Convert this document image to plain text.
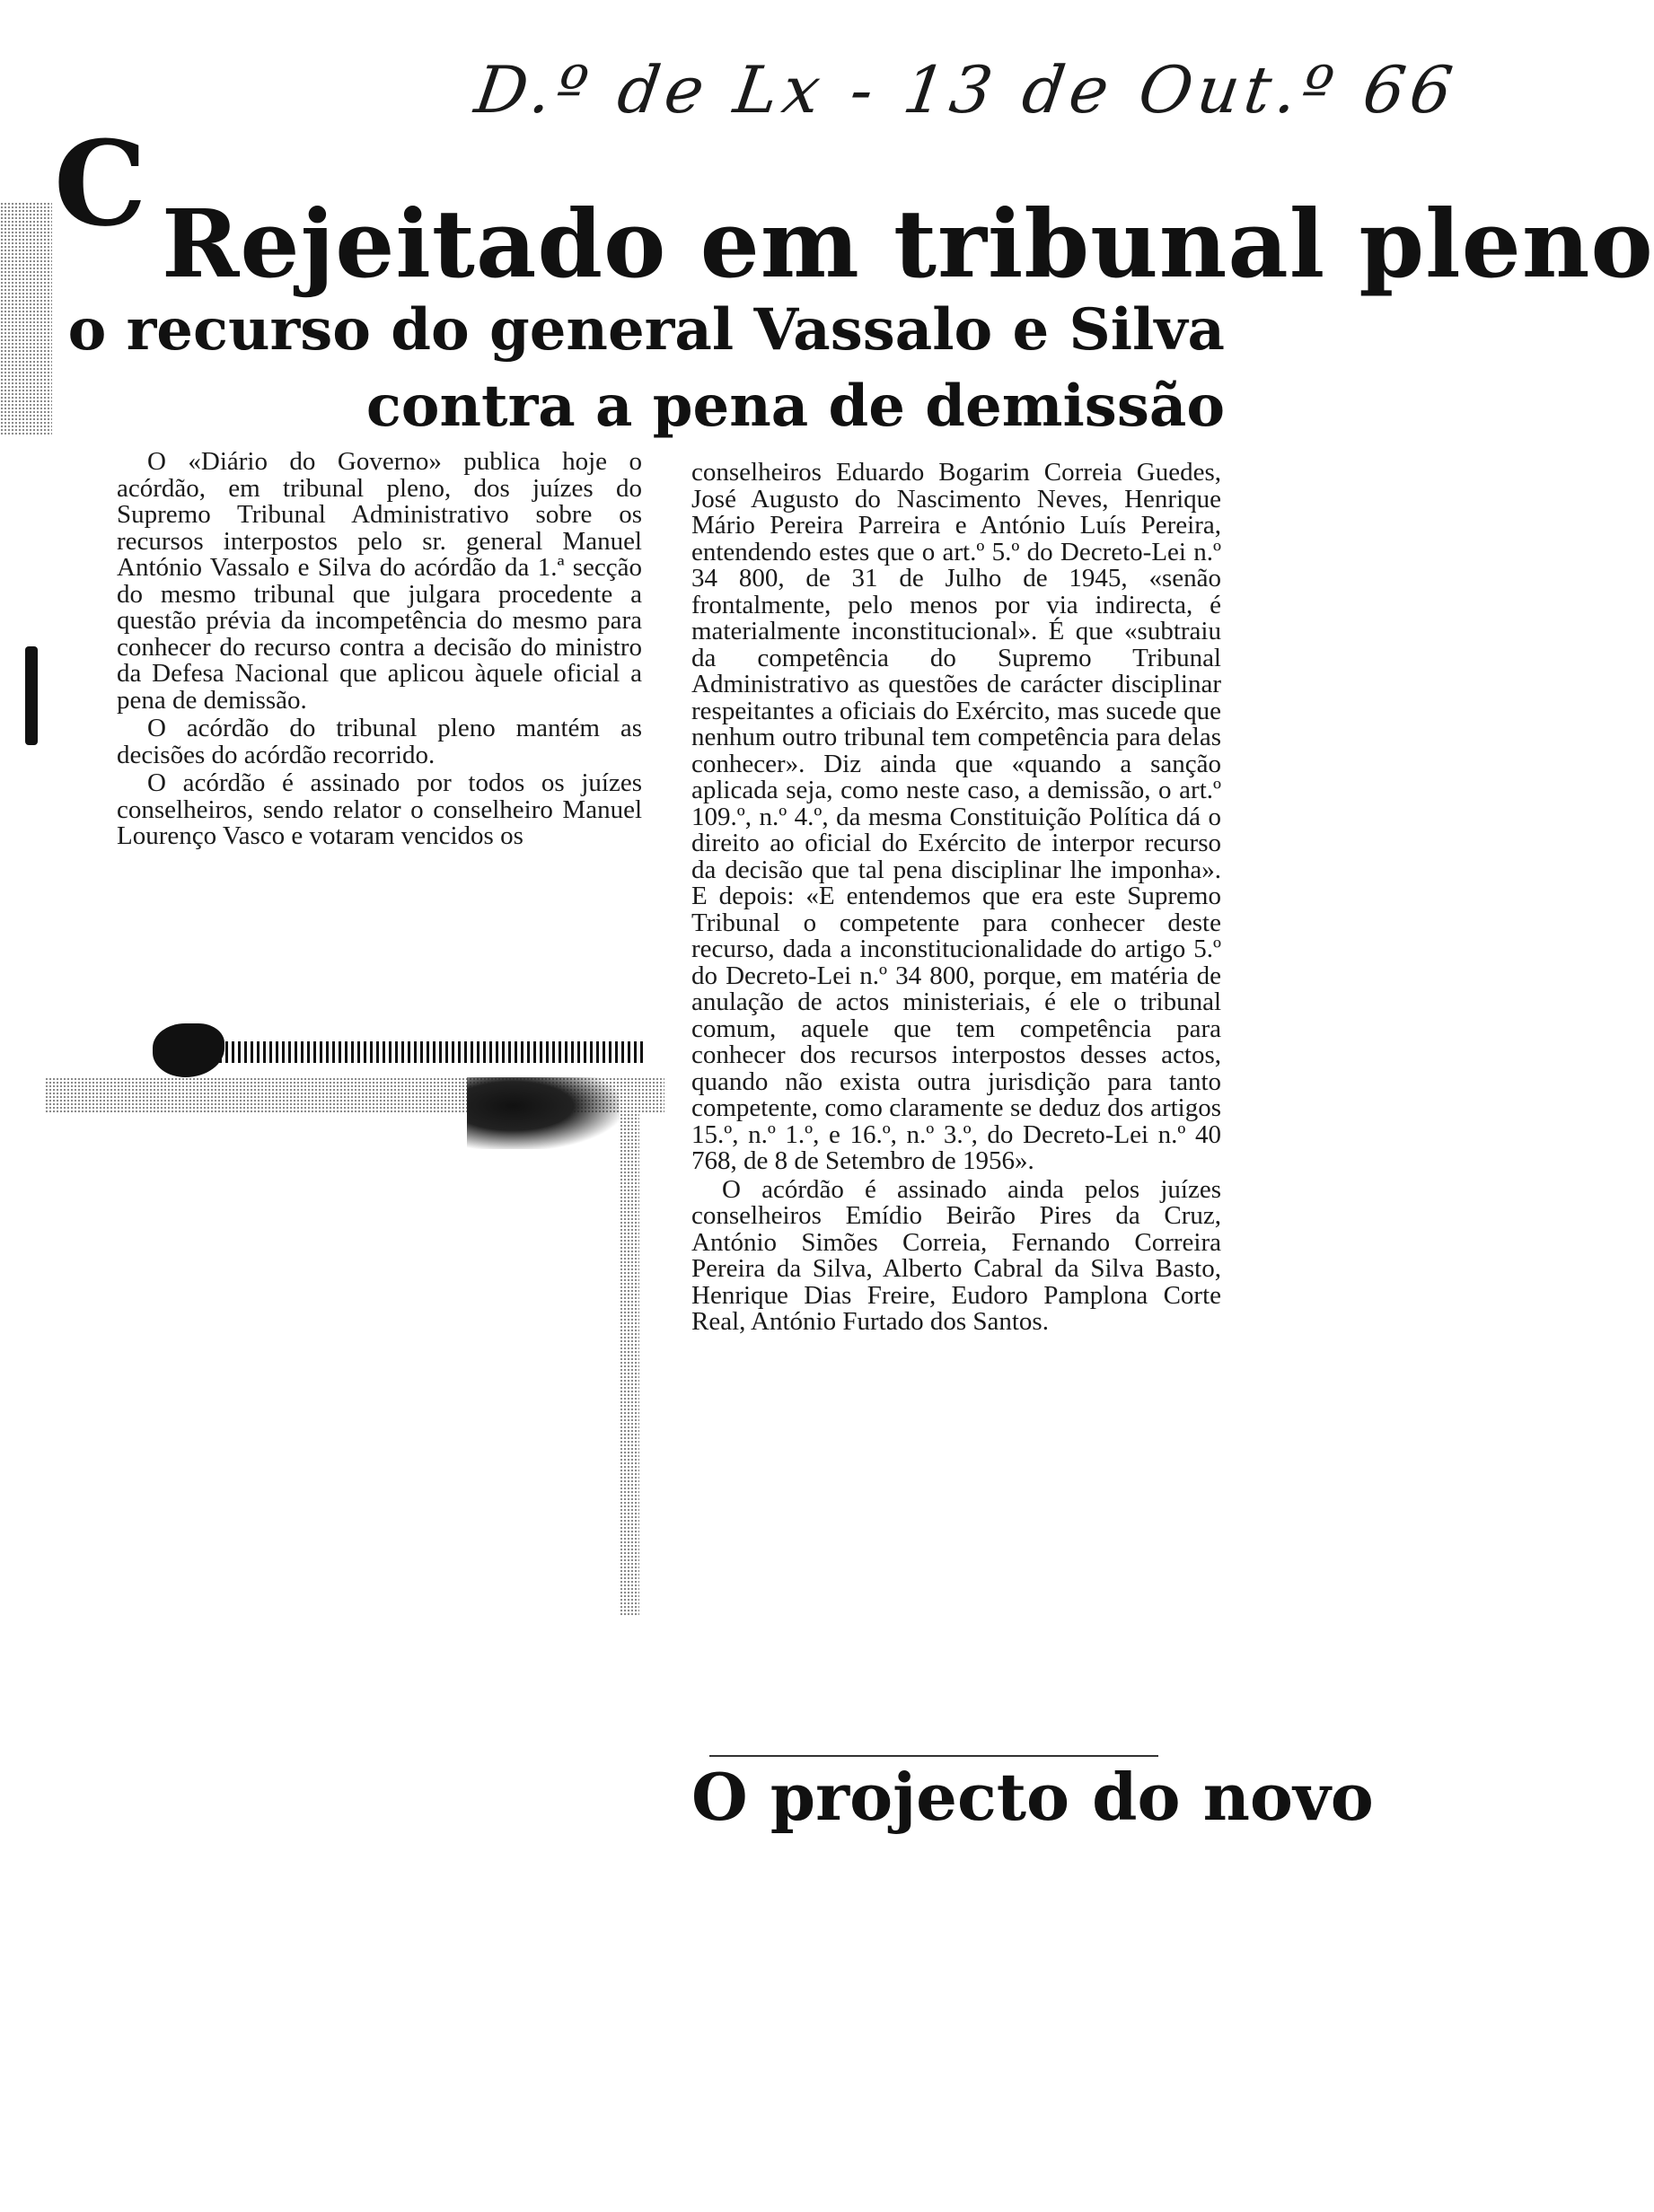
C
D.º de Lx - 13 de Out.º 66
Rejeitado em tribunal pleno
o recurso do general Vassalo e Silva
contra a pena de demissão

O «Diário do Governo» publica hoje o acórdão, em tribunal pleno, dos juízes do Supremo Tribunal Administrativo sobre os recursos interpostos pelo sr. general Manuel António Vassalo e Silva do acórdão da 1.ª secção do mesmo tribunal que julgara procedente a questão prévia da incompetência do mesmo para conhecer do recurso contra a decisão do ministro da Defesa Nacional que aplicou àquele oficial a pena de demissão.

O acórdão do tribunal pleno mantém as decisões do acórdão recorrido.

O acórdão é assinado por todos os juízes conselheiros, sendo relator o conselheiro Manuel Lourenço Vasco e votaram vencidos os

conselheiros Eduardo Bogarim Correia Guedes, José Augusto do Nascimento Neves, Henrique Mário Pereira Parreira e António Luís Pereira, entendendo estes que o art.º 5.º do Decreto-Lei n.º 34 800, de 31 de Julho de 1945, «senão frontalmente, pelo menos por via indirecta, é materialmente inconstitucional». É que «subtraiu da competência do Supremo Tribunal Administrativo as questões de carácter disciplinar respeitantes a oficiais do Exército, mas sucede que nenhum outro tribunal tem competência para delas conhecer». Diz ainda que «quando a sanção aplicada seja, como neste caso, a demissão, o art.º 109.º, n.º 4.º, da mesma Constituição Política dá o direito ao oficial do Exército de interpor recurso da decisão que tal pena disciplinar lhe imponha». E depois: «E entendemos que era este Supremo Tribunal o competente para conhecer deste recurso, dada a inconstitucionalidade do artigo 5.º do Decreto-Lei n.º 34 800, porque, em matéria de anulação de actos ministeriais, é ele o tribunal comum, aquele que tem competência para conhecer dos recursos interpostos desses actos, quando não exista outra jurisdição para tanto competente, como claramente se deduz dos artigos 15.º, n.º 1.º, e 16.º, n.º 3.º, do Decreto-Lei n.º 40 768, de 8 de Setembro de 1956».

O acórdão é assinado ainda pelos juízes conselheiros Emídio Beirão Pires da Cruz, António Simões Correia, Fernando Correira Pereira da Silva, Alberto Cabral da Silva Basto, Henrique Dias Freire, Eudoro Pamplona Corte Real, António Furtado dos Santos.

O projecto do novo
